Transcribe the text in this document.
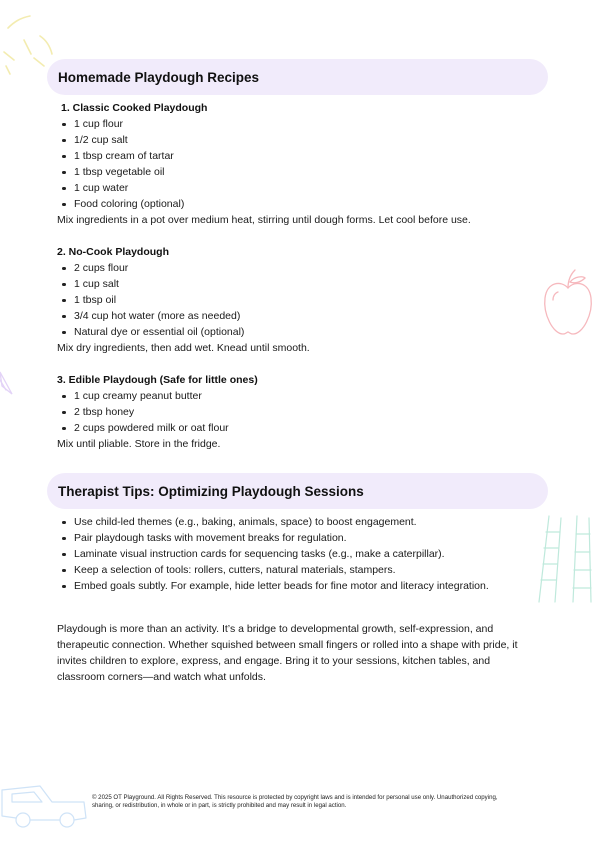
Homemade Playdough Recipes
1. Classic Cooked Playdough
1 cup flour
1/2 cup salt
1 tbsp cream of tartar
1 tbsp vegetable oil
1 cup water
Food coloring (optional)
Mix ingredients in a pot over medium heat, stirring until dough forms. Let cool before use.
2. No-Cook Playdough
2 cups flour
1 cup salt
1 tbsp oil
3/4 cup hot water (more as needed)
Natural dye or essential oil (optional)
Mix dry ingredients, then add wet. Knead until smooth.
3. Edible Playdough (Safe for little ones)
1 cup creamy peanut butter
2 tbsp honey
2 cups powdered milk or oat flour
Mix until pliable. Store in the fridge.
Therapist Tips: Optimizing Playdough Sessions
Use child-led themes (e.g., baking, animals, space) to boost engagement.
Pair playdough tasks with movement breaks for regulation.
Laminate visual instruction cards for sequencing tasks (e.g., make a caterpillar).
Keep a selection of tools: rollers, cutters, natural materials, stampers.
Embed goals subtly. For example, hide letter beads for fine motor and literacy integration.
Playdough is more than an activity. It’s a bridge to developmental growth, self-expression, and therapeutic connection. Whether squished between small fingers or rolled into a shape with pride, it invites children to explore, express, and engage. Bring it to your sessions, kitchen tables, and classroom corners—and watch what unfolds.
© 2025 OT Playground. All Rights Reserved. This resource is protected by copyright laws and is intended for personal use only. Unauthorized copying, sharing, or redistribution, in whole or in part, is strictly prohibited and may result in legal action.
